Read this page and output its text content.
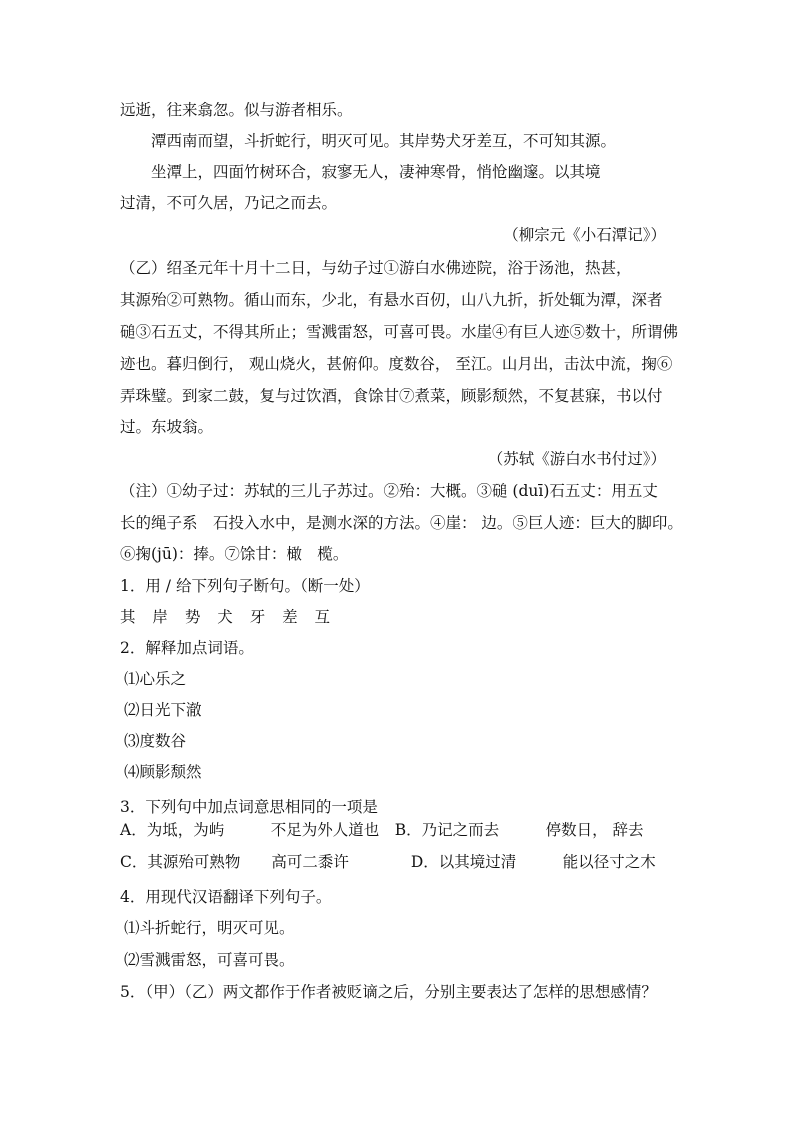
远逝，往来翕忽。似与游者相乐。
潭西南而望，斗折蛇行，明灭可见。其岸势犬牙差互，不可知其源。
坐潭上，四面竹树环合，寂寥无人，凄神寒骨，悄怆幽邃。以其境
过清，不可久居，乃记之而去。
（柳宗元《小石潭记》）
（乙）绍圣元年十月十二日，与幼子过①游白水佛迹院，浴于汤池，热甚，
其源殆②可熟物。循山而东，少北，有悬水百仞，山八九折，折处辄为潭，深者
磓③石五丈，不得其所止；雪溅雷怒，可喜可畏。水崖④有巨人迹⑤数十，所谓佛
迹也。暮归倒行， 观山烧火，甚俯仰。度数谷， 至江。山月出，击汰中流，掬⑥
弄珠璧。到家二鼓，复与过饮酒，食馀甘⑦煮菜，顾影颓然，不复甚寐，书以付
过。东坡翁。
（苏轼《游白水书付过》）
（注）①幼子过：苏轼的三儿子苏过。②殆：大概。③磓 (duī)石五丈：用五丈
长的绳子系　石投入水中，是测水深的方法。④崖： 边。⑤巨人迹：巨大的脚印。
⑥掬(jū)：捧。⑦馀甘：橄　榄。
1．用 / 给下列句子断句。（断一处）
其 岸 势 犬 牙 差 互
2．解释加点词语。
⑴心乐之
⑵日光下澈
⑶度数谷
⑷顾影颓然
3．下列句中加点词意思相同的一项是
A．为坻，为屿　　　不足为外人道也　B．乃记之而去　　　停数日， 辞去
C．其源殆可熟物　　高可二黍许　　　　D．以其境过清　　　能以径寸之木
4．用现代汉语翻译下列句子。
⑴斗折蛇行，明灭可见。
⑵雪溅雷怒，可喜可畏。
5．（甲）（乙）两文都作于作者被贬谪之后，分别主要表达了怎样的思想感情？
